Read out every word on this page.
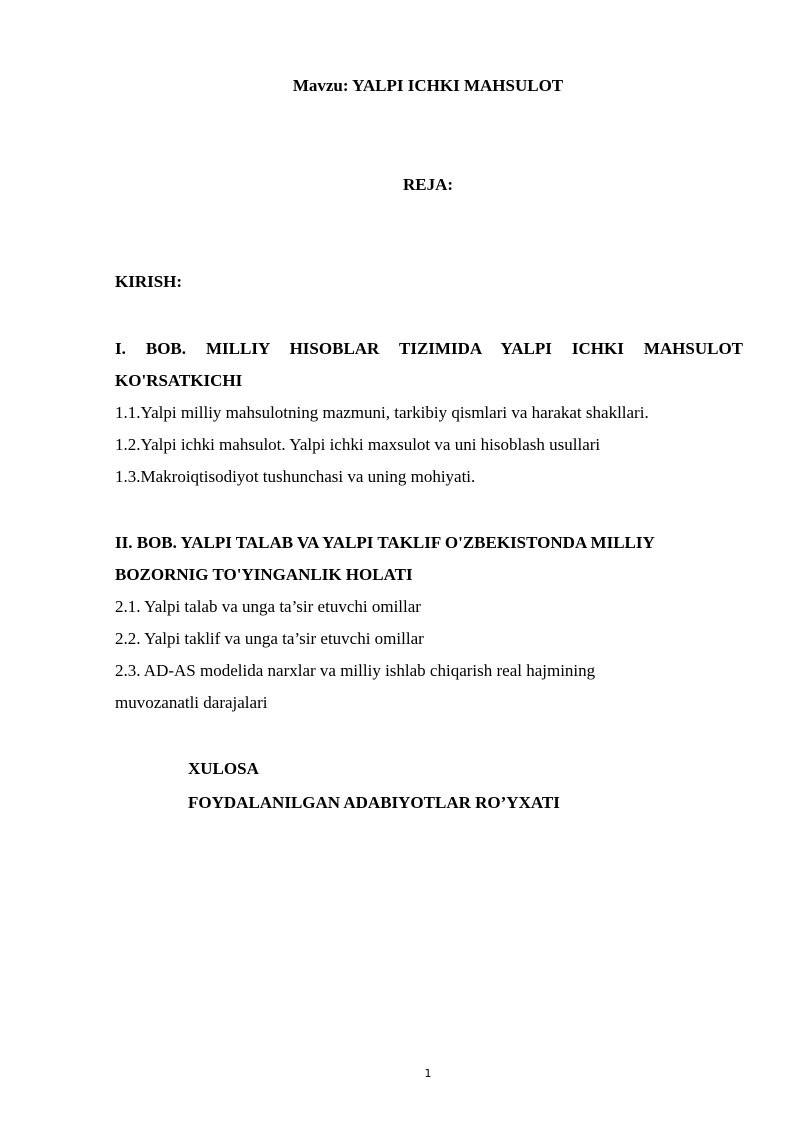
Mavzu: YALPI ICHKI MAHSULOT
REJA:
KIRISH:
I. BOB. MILLIY HISOBLAR TIZIMIDA YALPI ICHKI MAHSULOT
KO'RSATKICHI
1.1.Yalpi milliy mahsulotning mazmuni, tarkibiy qismlari va harakat shakllari.
1.2.Yalpi ichki mahsulot. Yalpi ichki maxsulot va uni hisoblash usullari
1.3.Makroiqtisodiyot tushunchasi va uning mohiyati.
II. BOB. YALPI TALAB VA YALPI TAKLIF O'ZBEKISTONDA MILLIY
BOZORNIG TO'YINGANLIK HOLATI
2.1. Yalpi talab va unga ta’sir etuvchi omillar
2.2. Yalpi taklif va unga ta’sir etuvchi omillar
2.3. AD-AS modelida narxlar va milliy ishlab chiqarish real hajmining muvozanatli darajalari
XULOSA
FOYDALANILGAN ADABIYOTLAR RO’YXATI
1
